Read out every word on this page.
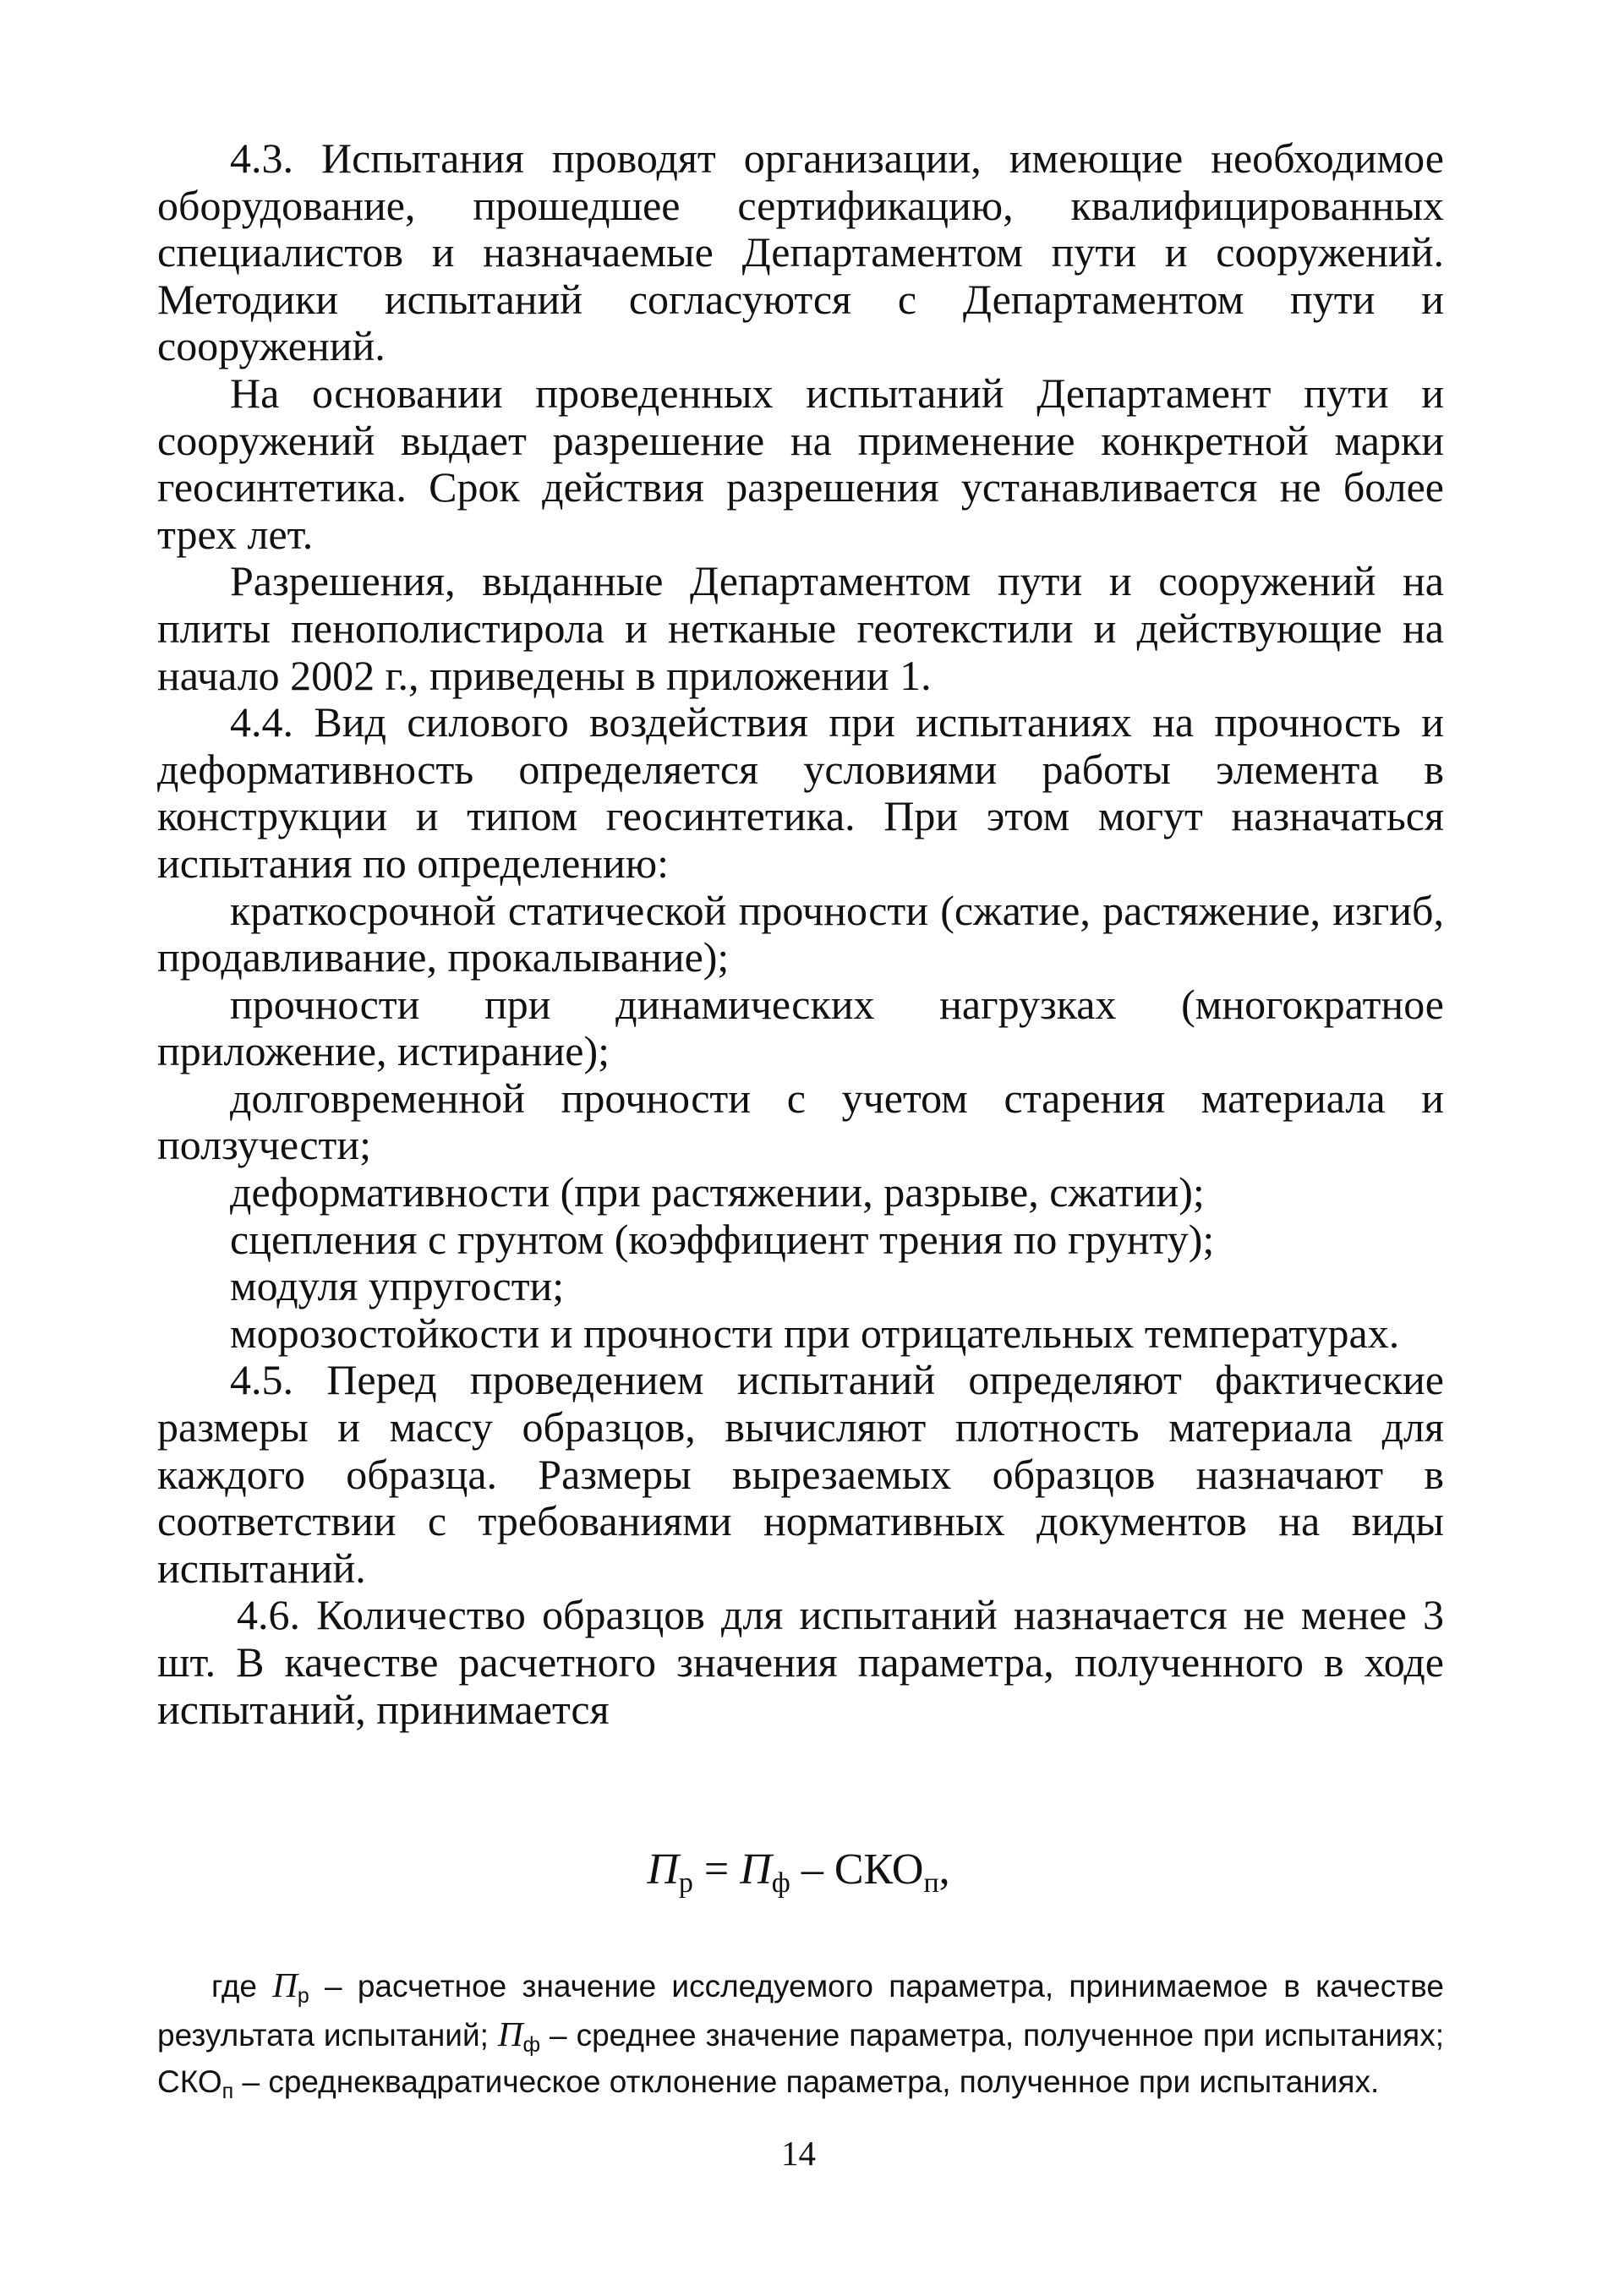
4.3. Испытания проводят организации, имеющие необходимое оборудование, прошедшее сертификацию, квалифицированных специалистов и назначаемые Департаментом пути и сооружений. Методики испытаний согласуются с Департаментом пути и сооружений.

На основании проведенных испытаний Департамент пути и сооружений выдает разрешение на применение конкретной марки геосинтетика. Срок действия разрешения устанавливается не более трех лет.

Разрешения, выданные Департаментом пути и сооружений на плиты пенополистирола и нетканые геотекстили и действующие на начало 2002 г., приведены в приложении 1.

4.4. Вид силового воздействия при испытаниях на прочность и деформативность определяется условиями работы элемента в конструкции и типом геосинтетика. При этом могут назначаться испытания по определению:

краткосрочной статической прочности (сжатие, растяжение, изгиб, продавливание, прокалывание);

прочности при динамических нагрузках (многократное приложение, истирание);

долговременной прочности с учетом старения материала и ползучести;

деформативности (при растяжении, разрыве, сжатии);

сцепления с грунтом (коэффициент трения по грунту);

модуля упругости;

морозостойкости и прочности при отрицательных температурах.

4.5. Перед проведением испытаний определяют фактические размеры и массу образцов, вычисляют плотность материала для каждого образца. Размеры вырезаемых образцов назначают в соответствии с требованиями нормативных документов на виды испытаний.

4.6. Количество образцов для испытаний назначается не менее 3 шт. В качестве расчетного значения параметра, полученного в ходе испытаний, принимается

$П_р = П_ф - СКО_п$,
где $П_р$ – расчетное значение исследуемого параметра, принимаемое в качестве результата испытаний; $П_ф$ – среднее значение параметра, полученное при испытаниях; $СКО_п$ – среднеквадратическое отклонение параметра, полученное при испытаниях.
14
